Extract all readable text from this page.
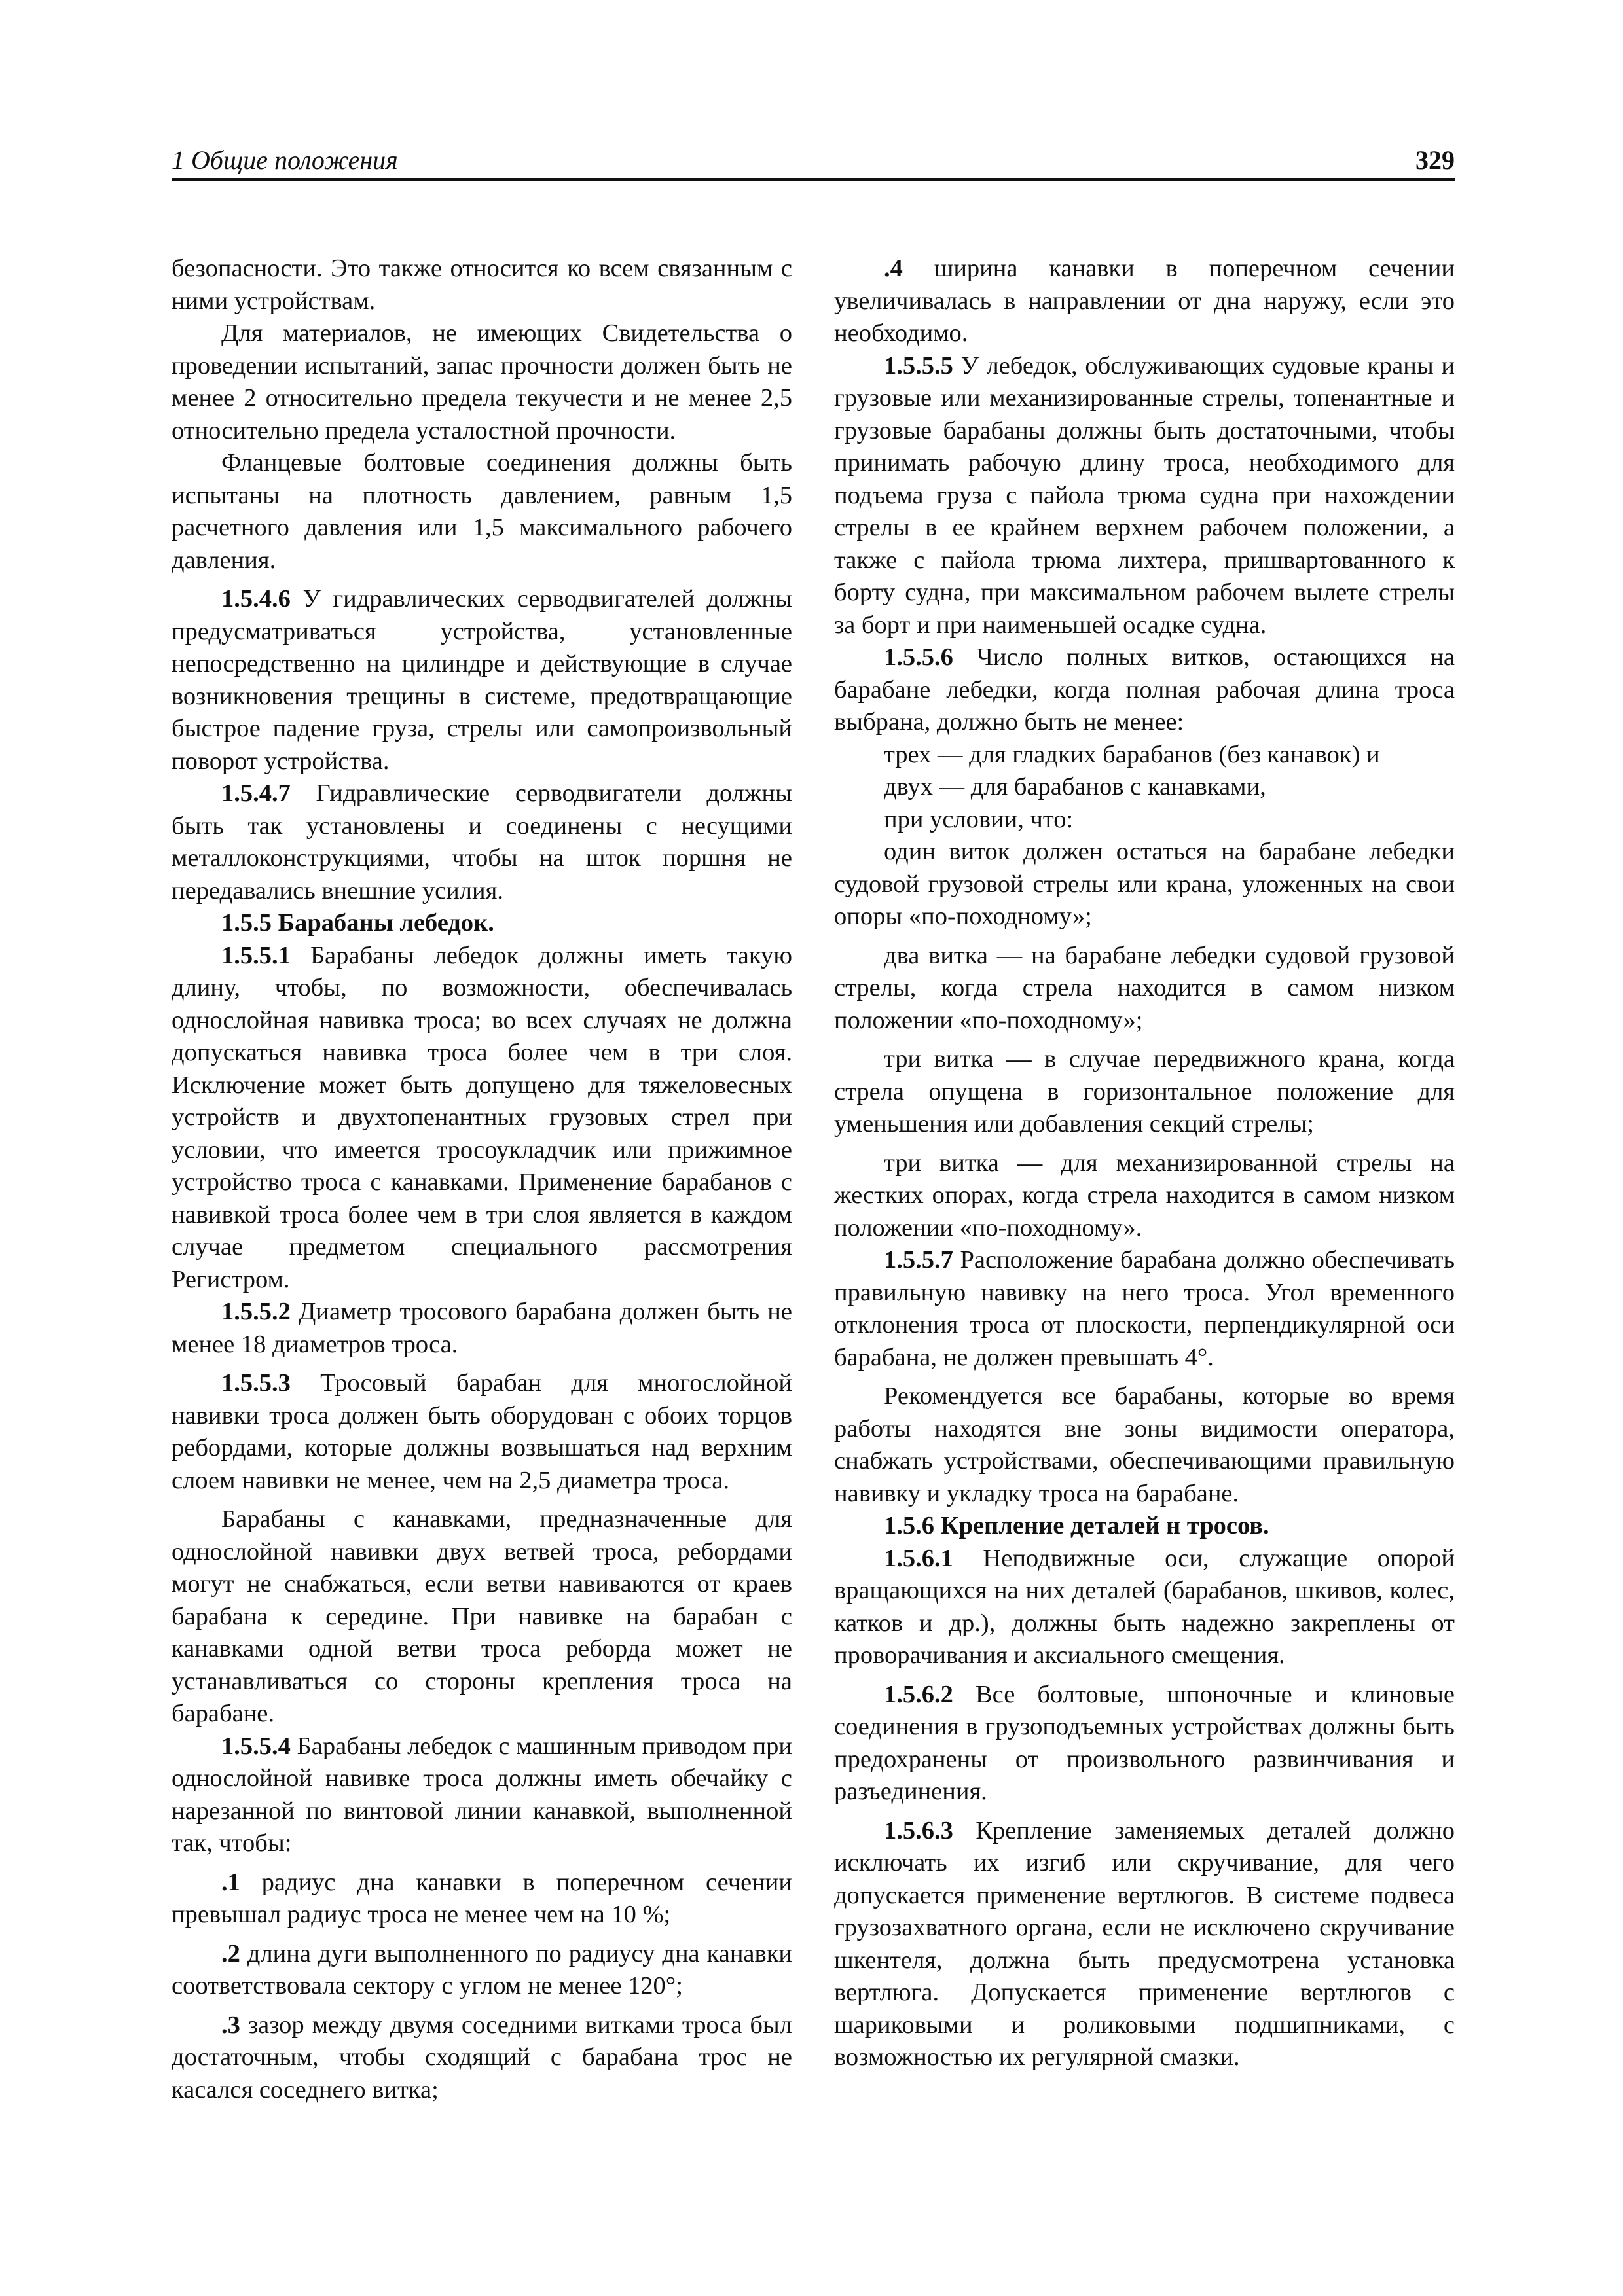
1 Общие положения	329

безопасности. Это также относится ко всем связанным с ними устройствам.

Для материалов, не имеющих Свидетельства о проведении испытаний, запас прочности должен быть не менее 2 относительно предела текучести и не менее 2,5 относительно предела усталостной прочности.

Фланцевые болтовые соединения должны быть испытаны на плотность давлением, равным 1,5 расчетного давления или 1,5 максимального рабочего давления.

1.5.4.6 У гидравлических серводвигателей должны предусматриваться устройства, установленные непосредственно на цилиндре и действующие в случае возникновения трещины в системе, предотвращающие быстрое падение груза, стрелы или самопроизвольный поворот устройства.

1.5.4.7 Гидравлические серводвигатели должны быть так установлены и соединены с несущими металлоконструкциями, чтобы на шток поршня не передавались внешние усилия.

1.5.5 Барабаны лебедок.

1.5.5.1 Барабаны лебедок должны иметь такую длину, чтобы, по возможности, обеспечивалась однослойная навивка троса; во всех случаях не должна допускаться навивка троса более чем в три слоя. Исключение может быть допущено для тяжеловесных устройств и двухтопенантных грузовых стрел при условии, что имеется тросоукладчик или прижимное устройство троса с канавками. Применение барабанов с навивкой троса более чем в три слоя является в каждом случае предметом специального рассмотрения Регистром.

1.5.5.2 Диаметр тросового барабана должен быть не менее 18 диаметров троса.

1.5.5.3 Тросовый барабан для многослойной навивки троса должен быть оборудован с обоих торцов ребордами, которые должны возвышаться над верхним слоем навивки не менее, чем на 2,5 диаметра троса.

Барабаны с канавками, предназначенные для однослойной навивки двух ветвей троса, ребордами могут не снабжаться, если ветви навиваются от краев барабана к середине. При навивке на барабан с канавками одной ветви троса реборда может не устанавливаться со стороны крепления троса на барабане.

1.5.5.4 Барабаны лебедок с машинным приводом при однослойной навивке троса должны иметь обечайку с нарезанной по винтовой линии канавкой, выполненной так, чтобы:

.1 радиус дна канавки в поперечном сечении превышал радиус троса не менее чем на 10 %;

.2 длина дуги выполненного по радиусу дна канавки соответствовала сектору с углом не менее 120°;

.3 зазор между двумя соседними витками троса был достаточным, чтобы сходящий с барабана трос не касался соседнего витка;

.4 ширина канавки в поперечном сечении увеличивалась в направлении от дна наружу, если это необходимо.

1.5.5.5 У лебедок, обслуживающих судовые краны и грузовые или механизированные стрелы, топенантные и грузовые барабаны должны быть достаточными, чтобы принимать рабочую длину троса, необходимого для подъема груза с пайола трюма судна при нахождении стрелы в ее крайнем верхнем рабочем положении, а также с пайола трюма лихтера, пришвартованного к борту судна, при максимальном рабочем вылете стрелы за борт и при наименьшей осадке судна.

1.5.5.6 Число полных витков, остающихся на барабане лебедки, когда полная рабочая длина троса выбрана, должно быть не менее:

трех — для гладких барабанов (без канавок) и

двух — для барабанов с канавками,

при условии, что:

один виток должен остаться на барабане лебедки судовой грузовой стрелы или крана, уложенных на свои опоры «по-походному»;

два витка — на барабане лебедки судовой грузовой стрелы, когда стрела находится в самом низком положении «по-походному»;

три витка — в случае передвижного крана, когда стрела опущена в горизонтальное положение для уменьшения или добавления секций стрелы;

три витка — для механизированной стрелы на жестких опорах, когда стрела находится в самом низком положении «по-походному».

1.5.5.7 Расположение барабана должно обеспечивать правильную навивку на него троса. Угол временного отклонения троса от плоскости, перпендикулярной оси барабана, не должен превышать 4°.

Рекомендуется все барабаны, которые во время работы находятся вне зоны видимости оператора, снабжать устройствами, обеспечивающими правильную навивку и укладку троса на барабане.

1.5.6 Крепление деталей н тросов.

1.5.6.1 Неподвижные оси, служащие опорой вращающихся на них деталей (барабанов, шкивов, колес, катков и др.), должны быть надежно закреплены от проворачивания и аксиального смещения.

1.5.6.2 Все болтовые, шпоночные и клиновые соединения в грузоподъемных устройствах должны быть предохранены от произвольного развинчивания и разъединения.

1.5.6.3 Крепление заменяемых деталей должно исключать их изгиб или скручивание, для чего допускается применение вертлюгов. В системе подвеса грузозахватного органа, если не исключено скручивание шкентеля, должна быть предусмотрена установка вертлюга. Допускается применение вертлюгов с шариковыми и роликовыми подшипниками, с возможностью их регулярной смазки.
